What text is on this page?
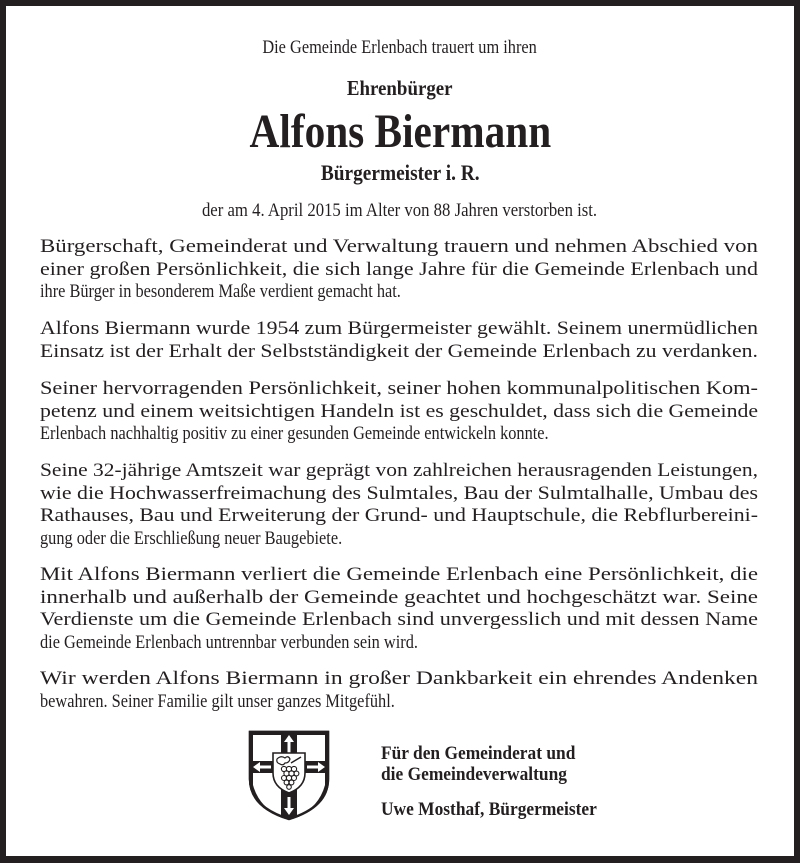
Die Gemeinde Erlenbach trauert um ihren
Ehrenbürger
Alfons Biermann
Bürgermeister i. R.
der am 4. April 2015 im Alter von 88 Jahren verstorben ist.
Bürgerschaft, Gemeinderat und Verwaltung trauern und nehmen Abschied von
einer großen Persönlichkeit, die sich lange Jahre für die Gemeinde Erlenbach und
ihre Bürger in besonderem Maße verdient gemacht hat.
Alfons Biermann wurde 1954 zum Bürgermeister gewählt. Seinem unermüdlichen
Einsatz ist der Erhalt der Selbstständigkeit der Gemeinde Erlenbach zu verdanken.
Seiner hervorragenden Persönlichkeit, seiner hohen kommunalpolitischen Kom-
petenz und einem weitsichtigen Handeln ist es geschuldet, dass sich die Gemeinde
Erlenbach nachhaltig positiv zu einer gesunden Gemeinde entwickeln konnte.
Seine 32-jährige Amtszeit war geprägt von zahlreichen herausragenden Leistungen,
wie die Hochwasserfreimachung des Sulmtales, Bau der Sulmtalhalle, Umbau des
Rathauses, Bau und Erweiterung der Grund- und Hauptschule, die Rebflurbereini-
gung oder die Erschließung neuer Baugebiete.
Mit Alfons Biermann verliert die Gemeinde Erlenbach eine Persönlichkeit, die
innerhalb und außerhalb der Gemeinde geachtet und hochgeschätzt war. Seine
Verdienste um die Gemeinde Erlenbach sind unvergesslich und mit dessen Name
die Gemeinde Erlenbach untrennbar verbunden sein wird.
Wir werden Alfons Biermann in großer Dankbarkeit ein ehrendes Andenken
bewahren. Seiner Familie gilt unser ganzes Mitgefühl.
Für den Gemeinderat und
die Gemeindeverwaltung
Uwe Mosthaf, Bürgermeister
